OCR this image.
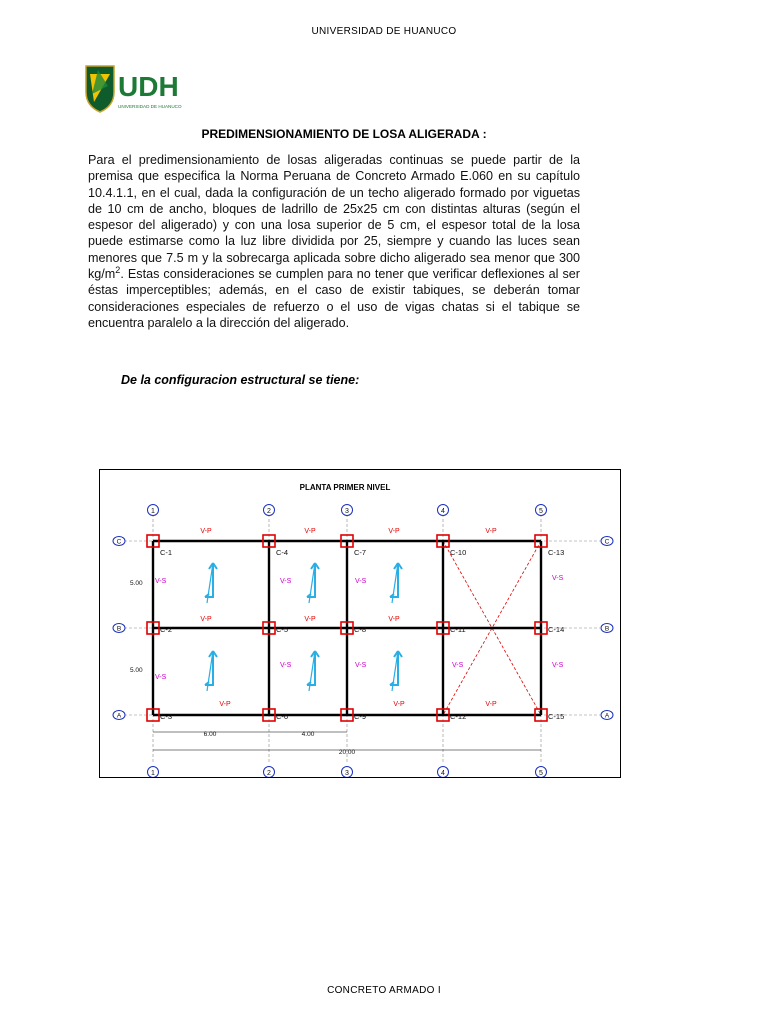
UNIVERSIDAD DE HUANUCO
UDH
UNIVERSIDAD DE HUANUCO
PREDIMENSIONAMIENTO DE LOSA ALIGERADA :
Para el predimensionamiento de losas aligeradas continuas se puede partir de la premisa que especifica la Norma Peruana de Concreto Armado E.060 en su capítulo 10.4.1.1, en el cual, dada la configuración de un techo aligerado formado por viguetas de 10 cm de ancho, bloques de ladrillo de 25x25 cm con distintas alturas (según el espesor del aligerado) y con una losa superior de 5 cm, el espesor total de la losa puede estimarse como la luz libre dividida por 25, siempre y cuando las luces sean menores que 7.5 m y la sobrecarga aplicada sobre dicho aligerado sea menor que 300 $kg/m^2$. Estas consideraciones se cumplen para no tener que verificar deflexiones al ser éstas imperceptibles; además, en el caso de existir tabiques, se deberán tomar consideraciones especiales de refuerzo o el uso de vigas chatas si el tabique se encuentra paralelo a la dirección del aligerado.
De la configuracion estructural se tiene:
PLANTA PRIMER NIVEL
1
1
2
2
3
3
4
4
5
5
C	C
B	B
A	A
C-1	C-4	C-7	C-10	C-13
C-2	C-5	C-8	C-11	C-14
C-3	C-6	C-9	C-12	C-15
V-P	V-P	V-P	V-P
V-P	V-P	V-P
V-P	V-P	V-P
V-S	V-S	V-S	V-S
V-S
V-S	V-S	V-S	V-S
5.00
5.00
6.00	4.00
20.00
CONCRETO ARMADO I
